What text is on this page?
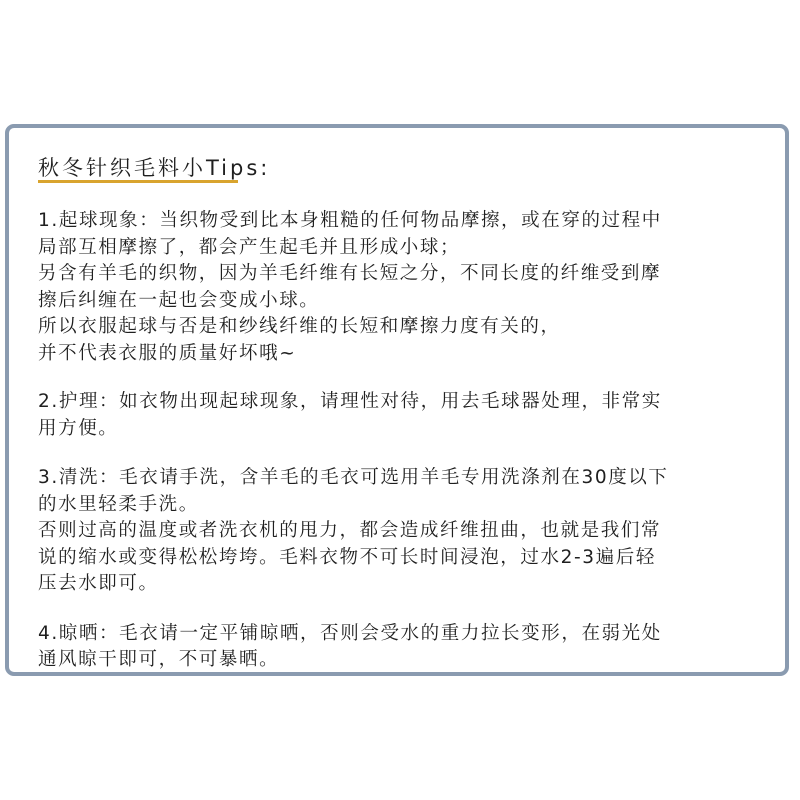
秋冬针织毛料小Tips:

1.起球现象：当织物受到比本身粗糙的任何物品摩擦，或在穿的过程中

局部互相摩擦了，都会产生起毛并且形成小球；

另含有羊毛的织物，因为羊毛纤维有长短之分，不同长度的纤维受到摩

擦后纠缠在一起也会变成小球。

所以衣服起球与否是和纱线纤维的长短和摩擦力度有关的，

并不代表衣服的质量好坏哦~

2.护理：如衣物出现起球现象，请理性对待，用去毛球器处理，非常实

用方便。

3.清洗：毛衣请手洗，含羊毛的毛衣可选用羊毛专用洗涤剂在30度以下

的水里轻柔手洗。

否则过高的温度或者洗衣机的甩力，都会造成纤维扭曲，也就是我们常

说的缩水或变得松松垮垮。毛料衣物不可长时间浸泡，过水2-3遍后轻

压去水即可。

4.晾晒：毛衣请一定平铺晾晒，否则会受水的重力拉长变形，在弱光处

通风晾干即可，不可暴晒。
